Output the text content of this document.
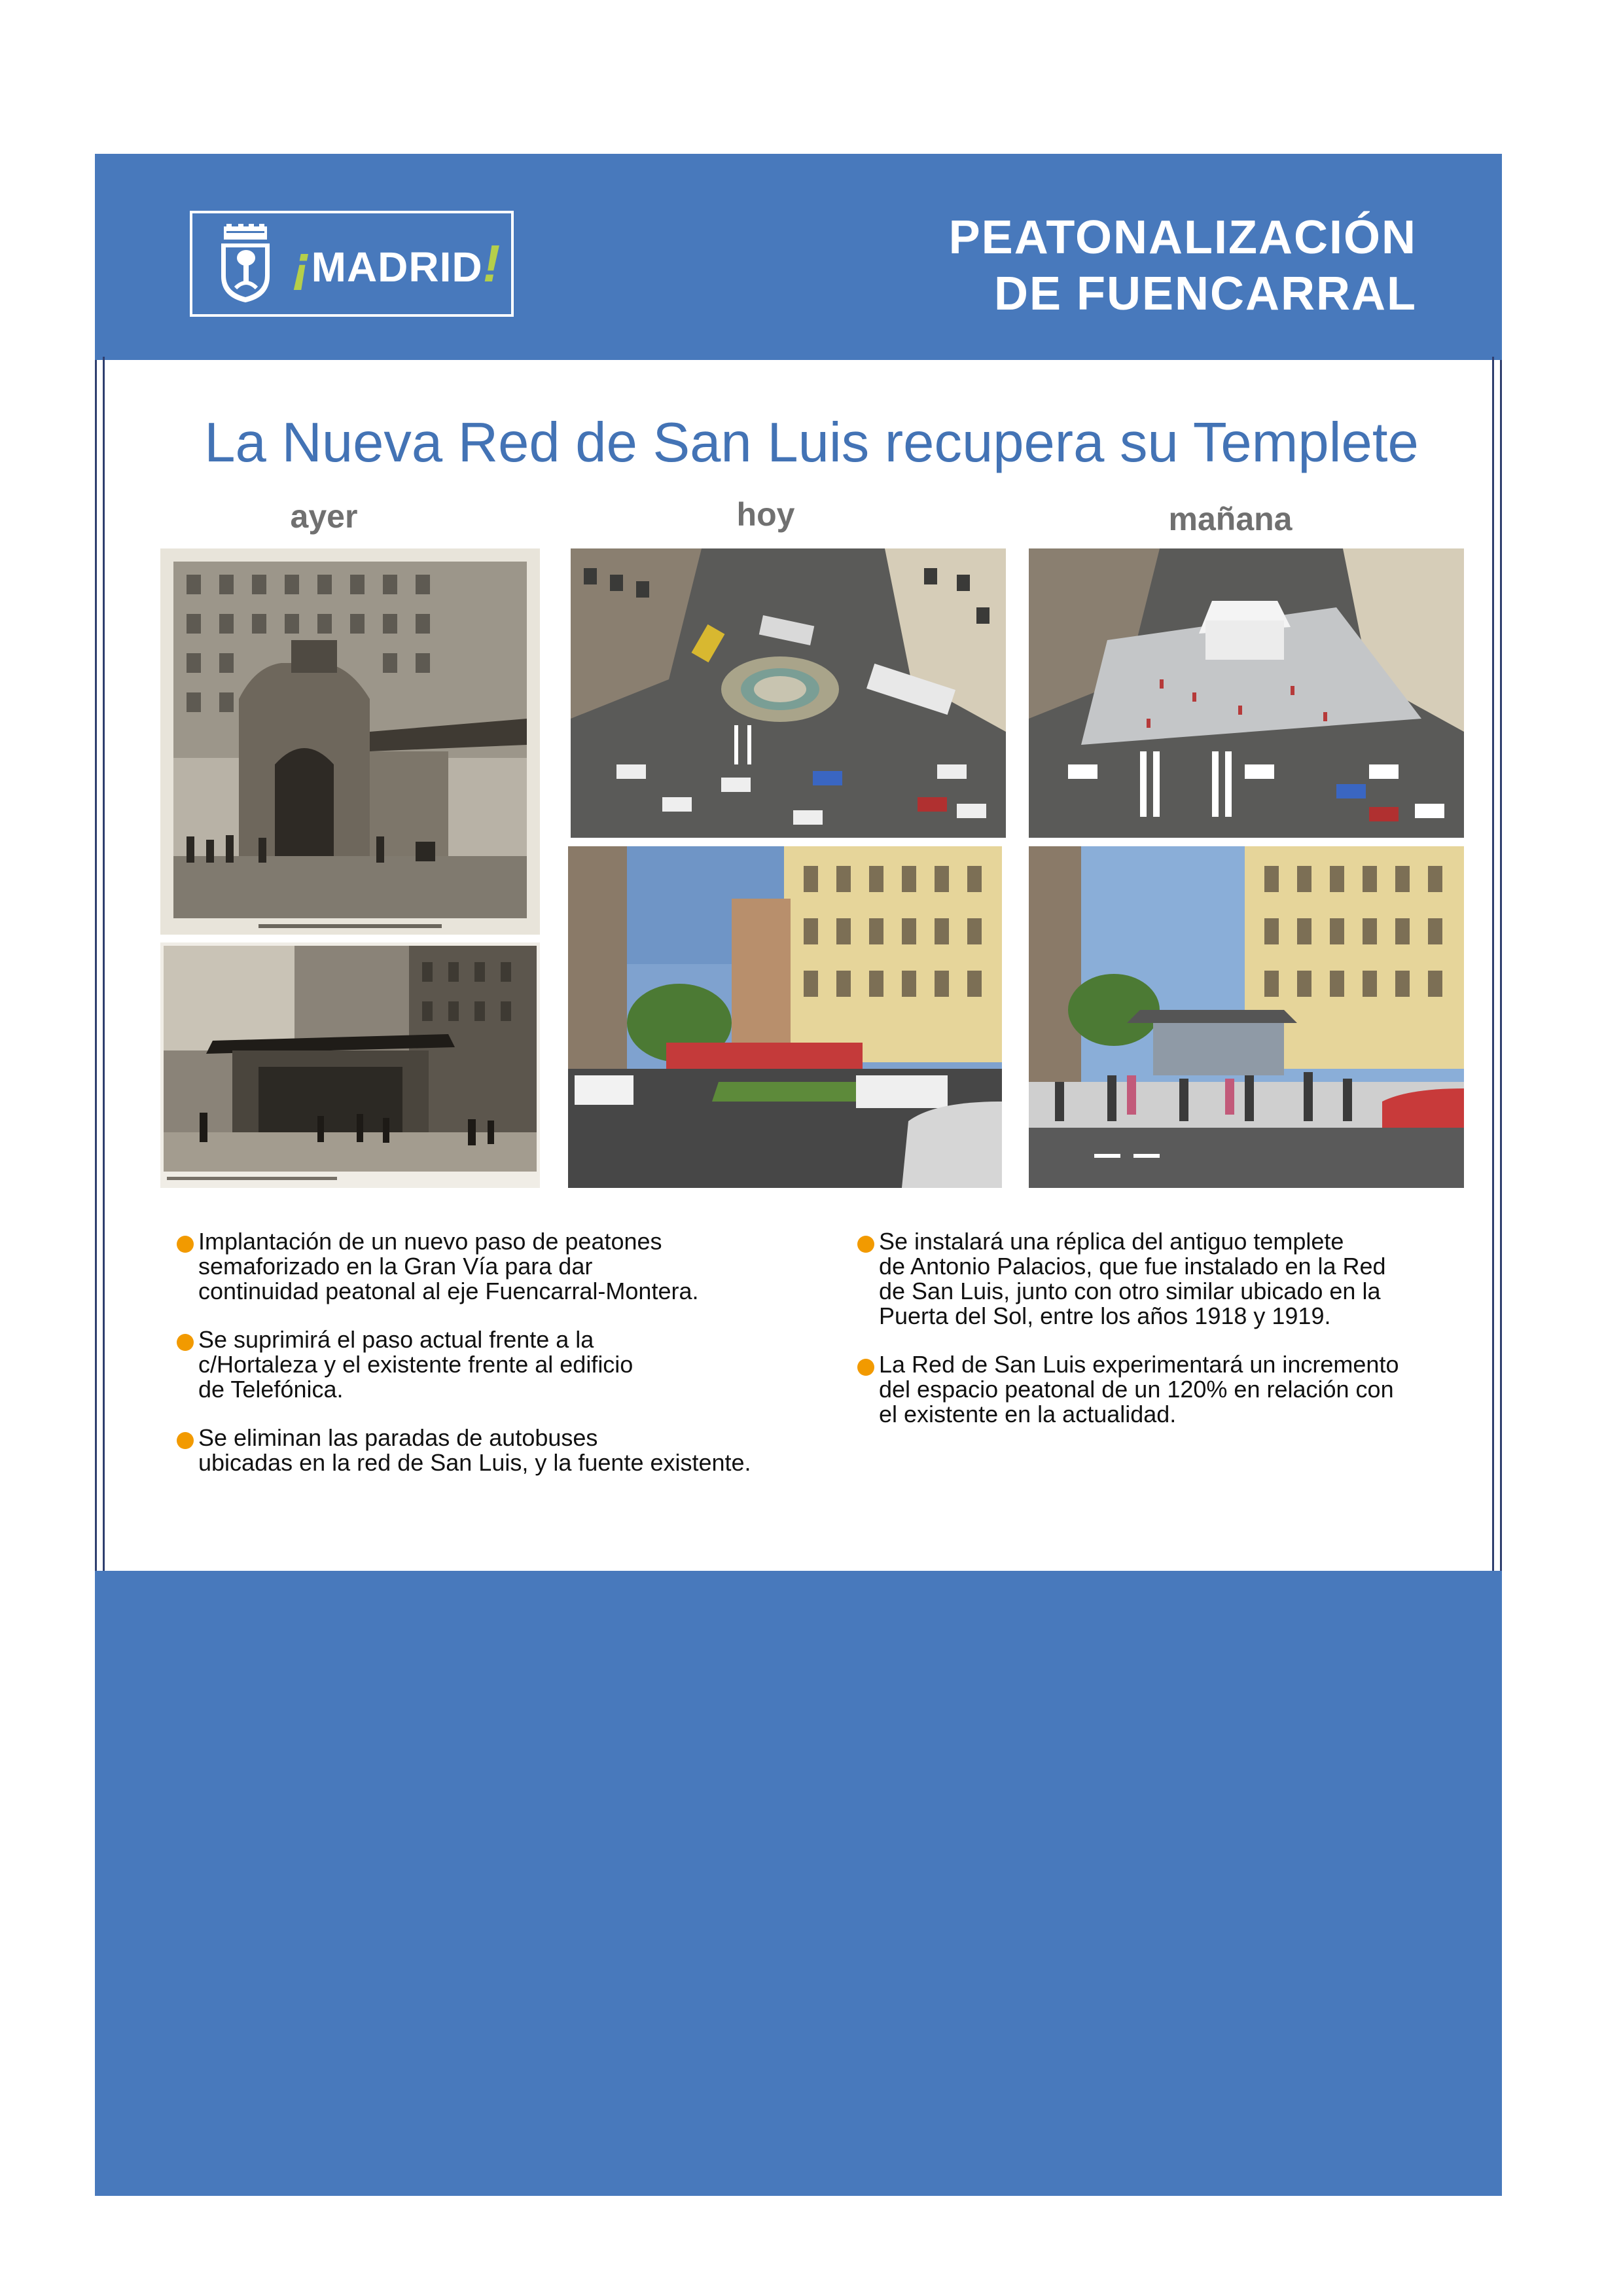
¡ MADRID !	PEATONALIZACIÓN
DE FUENCARRAL
La Nueva Red de San Luis recupera su Templete
ayer	hoy	mañana
Implantación de un nuevo paso de peatones
semaforizado en la Gran Vía para dar
continuidad peatonal al eje Fuencarral-Montera.
Se suprimirá el paso actual frente a la
c/Hortaleza y el existente frente al edificio
de Telefónica.
Se eliminan las paradas de autobuses
ubicadas en la red de San Luis, y la fuente existente.
Se instalará una réplica del antiguo templete
de Antonio Palacios, que fue instalado en la Red
de San Luis, junto con otro similar ubicado en la
Puerta del Sol, entre los años 1918 y 1919.
La Red de San Luis experimentará un incremento
del espacio peatonal de un 120% en relación con
el existente en la actualidad.
